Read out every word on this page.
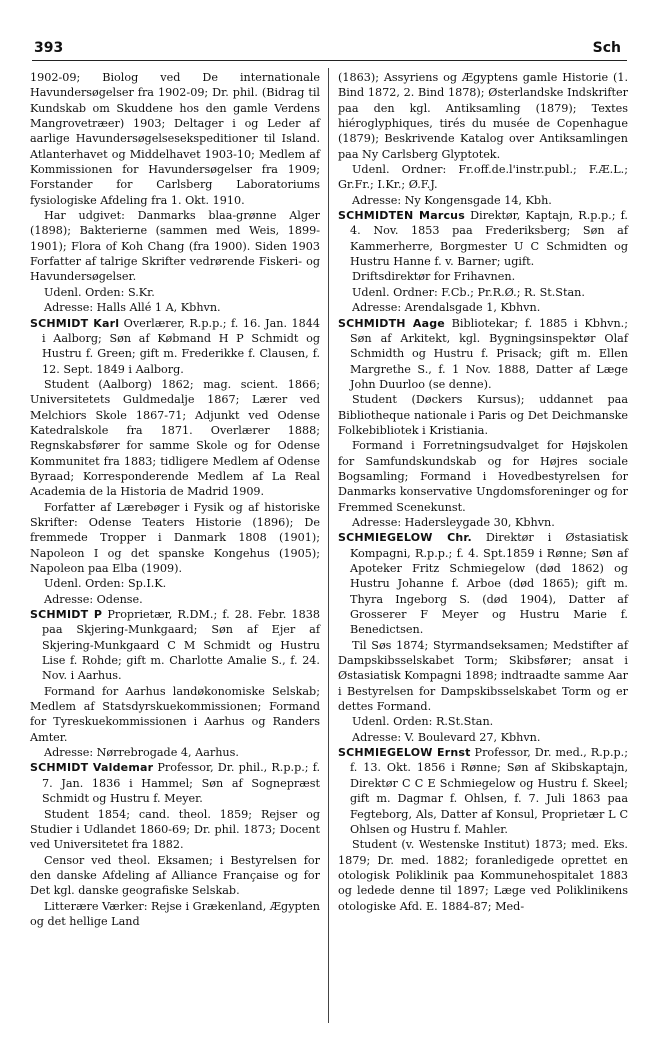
393	Sch

1902-09; Biolog ved De internationale Havundersøgelser fra 1902-09; Dr. phil. (Bidrag til Kundskab om Skuddene hos den gamle Verdens Mangrovetræer) 1903; Deltager i og Leder af aarlige Havundersøgelsesekspeditioner til Island. Atlanterhavet og Middelhavet 1903-10; Medlem af Kommissionen for Havundersøgelser fra 1909; Forstander for Carlsberg Laboratoriums fysiologiske Afdeling fra 1. Okt. 1910.

Har udgivet: Danmarks blaa-grønne Alger (1898); Bakterierne (sammen med Weis, 1899-1901); Flora of Koh Chang (fra 1900). Siden 1903 Forfatter af talrige Skrifter vedrørende Fiskeri- og Havundersøgelser.

Udenl. Orden: S.Kr.

Adresse: Halls Allé 1 A, Kbhvn.

SCHMIDT Karl Overlærer, R.p.p.; f. 16. Jan. 1844 i Aalborg; Søn af Købmand H P Schmidt og Hustru f. Green; gift m. Frederikke f. Clausen, f. 12. Sept. 1849 i Aalborg.

Student (Aalborg) 1862; mag. scient. 1866; Universitetets Guldmedalje 1867; Lærer ved Melchiors Skole 1867-71; Adjunkt ved Odense Katedralskole fra 1871. Overlærer 1888; Regnskabsfører for samme Skole og for Odense Kommunitet fra 1883; tidligere Medlem af Odense Byraad; Korresponderende Medlem af La Real Academia de la Historia de Madrid 1909.

Forfatter af Lærebøger i Fysik og af historiske Skrifter: Odense Teaters Historie (1896); De fremmede Tropper i Danmark 1808 (1901); Napoleon I og det spanske Kongehus (1905); Napoleon paa Elba (1909).

Udenl. Orden: Sp.I.K.

Adresse: Odense.

SCHMIDT P Proprietær, R.DM.; f. 28. Febr. 1838 paa Skjering-Munkgaard; Søn af Ejer af Skjering-Munkgaard C M Schmidt og Hustru Lise f. Rohde; gift m. Charlotte Amalie S., f. 24. Nov. i Aarhus.

Formand for Aarhus landøkonomiske Selskab; Medlem af Statsdyrskuekommissionen; Formand for Tyreskuekommissionen i Aarhus og Randers Amter.

Adresse: Nørrebrogade 4, Aarhus.

SCHMIDT Valdemar Professor, Dr. phil., R.p.p.; f. 7. Jan. 1836 i Hammel; Søn af Sognepræst Schmidt og Hustru f. Meyer.

Student 1854; cand. theol. 1859; Rejser og Studier i Udlandet 1860-69; Dr. phil. 1873; Docent ved Universitetet fra 1882.

Censor ved theol. Eksamen; i Bestyrelsen for den danske Afdeling af Alliance Française og for Det kgl. danske geografiske Selskab.

Litterære Værker: Rejse i Grækenland, Ægypten og det hellige Land

(1863); Assyriens og Ægyptens gamle Historie (1. Bind 1872, 2. Bind 1878); Østerlandske Indskrifter paa den kgl. Antiksamling (1879); Textes hiéroglyphiques, tirés du musée de Copenhague (1879); Beskrivende Katalog over Antiksamlingen paa Ny Carlsberg Glyptotek.

Udenl. Ordner: Fr.off.de.l'instr.publ.; F.Æ.L.; Gr.Fr.; I.Kr.; Ø.F.J.

Adresse: Ny Kongensgade 14, Kbh.

SCHMIDTEN Marcus Direktør, Kaptajn, R.p.p.; f. 4. Nov. 1853 paa Frederiksberg; Søn af Kammerherre, Borgmester U C Schmidten og Hustru Hanne f. v. Barner; ugift.

Driftsdirektør for Frihavnen.

Udenl. Ordner: F.Cb.; Pr.R.Ø.; R. St.Stan.

Adresse: Arendalsgade 1, Kbhvn.

SCHMIDTH Aage Bibliotekar; f. 1885 i Kbhvn.; Søn af Arkitekt, kgl. Bygningsinspektør Olaf Schmidth og Hustru f. Prisack; gift m. Ellen Margrethe S., f. 1 Nov. 1888, Datter af Læge John Duurloo (se denne).

Student (Døckers Kursus); uddannet paa Bibliotheque nationale i Paris og Det Deichmanske Folkebibliotek i Kristiania.

Formand i Forretningsudvalget for Højskolen for Samfundskundskab og for Højres sociale Bogsamling; Formand i Hovedbestyrelsen for Danmarks konservative Ungdomsforeninger og for Fremmed Scenekunst.

Adresse: Hadersleygade 30, Kbhvn.

SCHMIEGELOW Chr. Direktør i Østasiatisk Kompagni, R.p.p.; f. 4. Spt.1859 i Rønne; Søn af Apoteker Fritz Schmiegelow (død 1862) og Hustru Johanne f. Arboe (død 1865); gift m. Thyra Ingeborg S. (død 1904), Datter af Grosserer F Meyer og Hustru Marie f. Benedictsen.

Til Søs 1874; Styrmandseksamen; Medstifter af Dampskibsselskabet Torm; Skibsfører; ansat i Østasiatisk Kompagni 1898; indtraadte samme Aar i Bestyrelsen for Dampskibsselskabet Torm og er dettes Formand.

Udenl. Orden: R.St.Stan.

Adresse: V. Boulevard 27, Kbhvn.

SCHMIEGELOW Ernst Professor, Dr. med., R.p.p.; f. 13. Okt. 1856 i Rønne; Søn af Skibskaptajn, Direktør C C E Schmiegelow og Hustru f. Skeel; gift m. Dagmar f. Ohlsen, f. 7. Juli 1863 paa Fegteborg, Als, Datter af Konsul, Proprietær L C Ohlsen og Hustru f. Mahler.

Student (v. Westenske Institut) 1873; med. Eks. 1879; Dr. med. 1882; foranledigede oprettet en otologisk Poliklinik paa Kommunehospitalet 1883 og ledede denne til 1897; Læge ved Poliklinikens otologiske Afd. E. 1884-87; Med-
